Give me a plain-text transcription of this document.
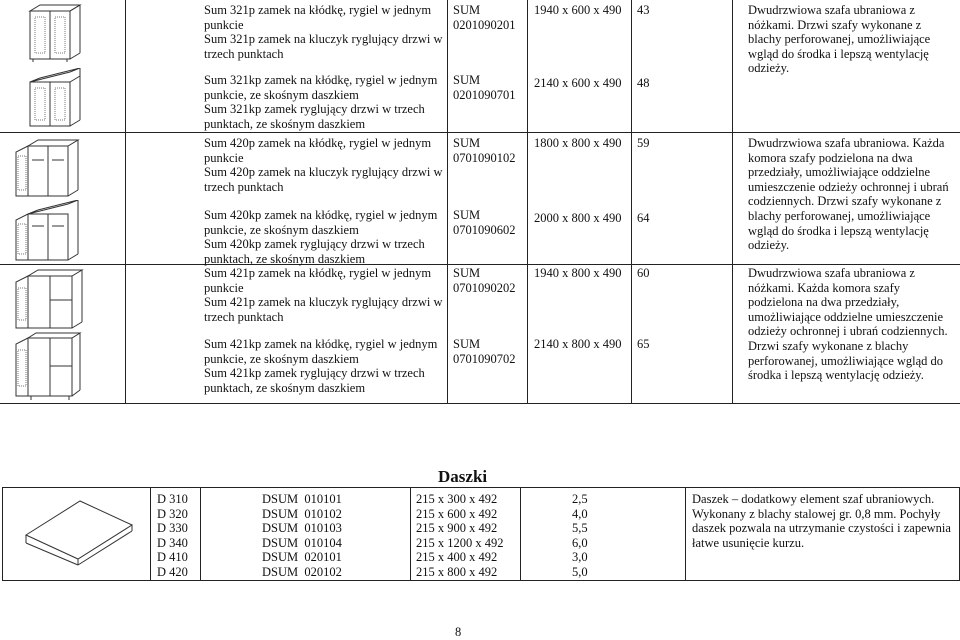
Sum 321p zamek na kłódkę, rygiel w jednym punkcie
Sum 321p zamek na kluczyk ryglujący drzwi w trzech punktach
Sum 321kp zamek na kłódkę, rygiel w jednym punkcie, ze skośnym daszkiem
Sum 321kp zamek ryglujący drzwi w trzech punktach, ze skośnym daszkiem
Sum 420p zamek na kłódkę, rygiel w jednym punkcie
Sum 420p zamek na kluczyk ryglujący drzwi w trzech punktach
Sum 420kp zamek na kłódkę, rygiel w jednym punkcie, ze skośnym daszkiem
Sum 420kp zamek ryglujący drzwi w trzech punktach, ze skośnym daszkiem
Sum 421p zamek na kłódkę, rygiel w jednym punkcie
Sum 421p zamek na kluczyk ryglujący drzwi w trzech punktach
Sum 421kp zamek na kłódkę, rygiel w jednym punkcie, ze skośnym daszkiem
Sum 421kp zamek ryglujący drzwi w trzech punktach, ze skośnym daszkiem
SUM
0201090201
SUM
0201090701
SUM
0701090102
SUM
0701090602
SUM
0701090202
SUM
0701090702
1940 x 600 x 490
2140 x 600 x 490
1800 x 800 x 490
2000 x 800 x 490
1940 x 800 x 490
2140 x 800 x 490
43
48
59
64
60
65
Dwudrzwiowa szafa ubraniowa z nóżkami. Drzwi szafy wykonane z blachy perforowanej, umożliwiające wgląd do środka i lepszą wentylację odzieży.
Dwudrzwiowa szafa ubraniowa. Każda komora szafy podzielona na dwa przedziały, umożliwiające oddzielne umieszczenie odzieży ochronnej i ubrań codziennych. Drzwi szafy wykonane z blachy perforowanej, umożliwiające wgląd do środka i lepszą wentylację odzieży.
Dwudrzwiowa szafa ubraniowa z nóżkami. Każda komora szafy podzielona na dwa przedziały, umożliwiające oddzielne umieszczenie odzieży ochronnej i ubrań codziennych. Drzwi szafy wykonane z blachy perforowanej, umożliwiające wgląd do środka i lepszą wentylację odzieży.
Daszki
D 310
D 320
D 330
D 340
D 410
D 420
DSUM  010101
DSUM  010102
DSUM  010103
DSUM  010104
DSUM  020101
DSUM  020102
215 x 300 x 492
215 x 600 x 492
215 x 900 x 492
215 x 1200 x 492
215 x 400 x 492
215 x 800 x 492
2,5
4,0
5,5
6,0
3,0
5,0
Daszek – dodatkowy element szaf ubraniowych. Wykonany z blachy stalowej gr. 0,8 mm. Pochyły daszek pozwala na utrzymanie czystości i zapewnia łatwe usunięcie kurzu.
8
